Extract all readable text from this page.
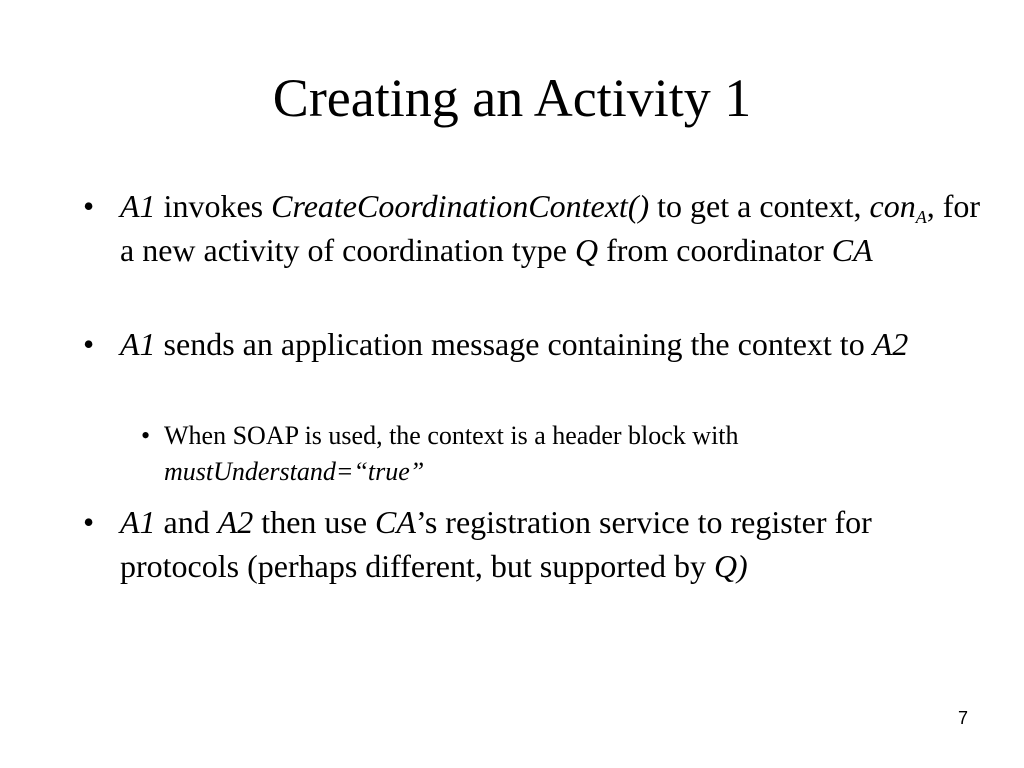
Creating an Activity 1
• A1 invokes CreateCoordinationContext() to get a context, con$_A$, for a new activity of coordination type Q from coordinator CA
• A1 sends an application message containing the context to A2
• When SOAP is used, the context is a header block with mustUnderstand=“true”
• A1 and A2 then use CA’s registration service to register for protocols (perhaps different, but supported by Q)
7
